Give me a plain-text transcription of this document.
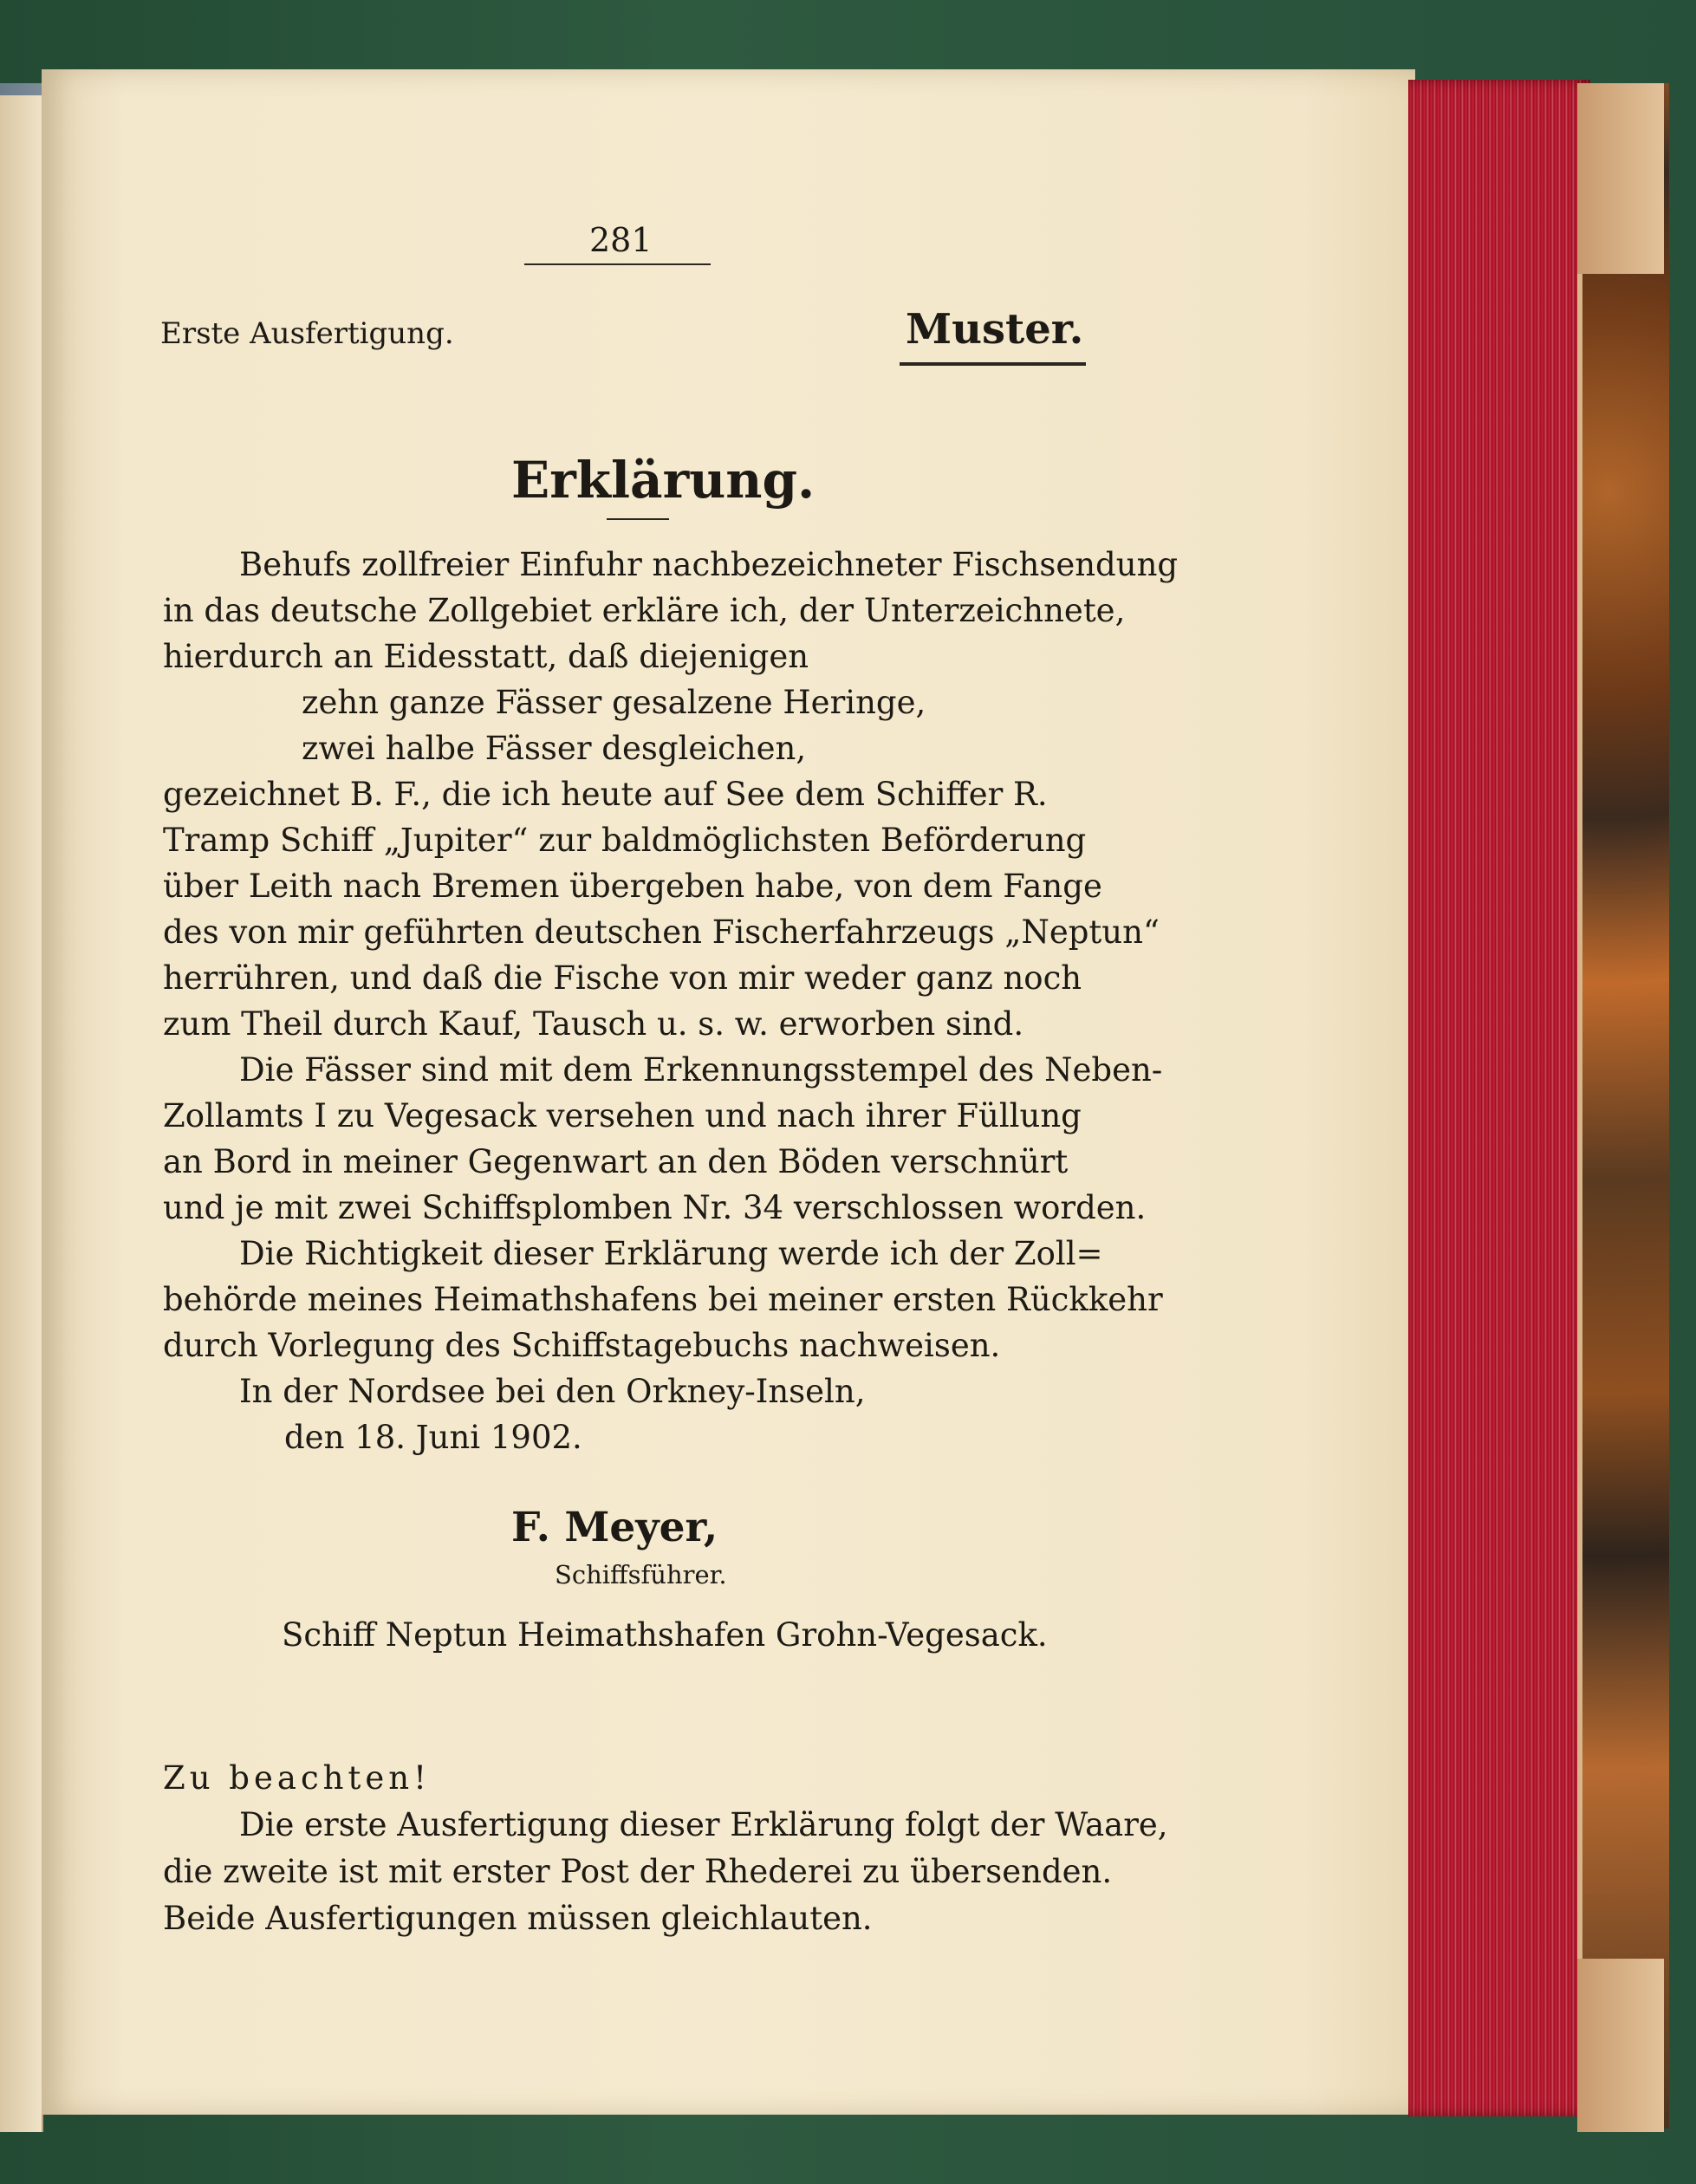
281
Erste Ausfertigung.	Muster.
Erklärung.
Behufs zollfreier Einfuhr nachbezeichneter Fischsendung
in das deutsche Zollgebiet erkläre ich, der Unterzeichnete,
hierdurch an Eidesstatt, daß diejenigen
zehn ganze Fässer gesalzene Heringe,
zwei halbe Fässer desgleichen,
gezeichnet B. F., die ich heute auf See dem Schiffer R.
Tramp Schiff „Jupiter“ zur baldmöglichsten Beförderung
über Leith nach Bremen übergeben habe, von dem Fange
des von mir geführten deutschen Fischerfahrzeugs „Neptun“
herrühren, und daß die Fische von mir weder ganz noch
zum Theil durch Kauf, Tausch u. s. w. erworben sind.
Die Fässer sind mit dem Erkennungsstempel des Neben-
Zollamts I zu Vegesack versehen und nach ihrer Füllung
an Bord in meiner Gegenwart an den Böden verschnürt
und je mit zwei Schiffsplomben Nr. 34 verschlossen worden.
Die Richtigkeit dieser Erklärung werde ich der Zoll=
behörde meines Heimathshafens bei meiner ersten Rückkehr
durch Vorlegung des Schiffstagebuchs nachweisen.
In der Nordsee bei den Orkney-Inseln,
den 18. Juni 1902.
F. Meyer,
Schiffsführer.
Schiff Neptun Heimathshafen Grohn-Vegesack.
Zu beachten!
Die erste Ausfertigung dieser Erklärung folgt der Waare,
die zweite ist mit erster Post der Rhederei zu übersenden.
Beide Ausfertigungen müssen gleichlauten.
